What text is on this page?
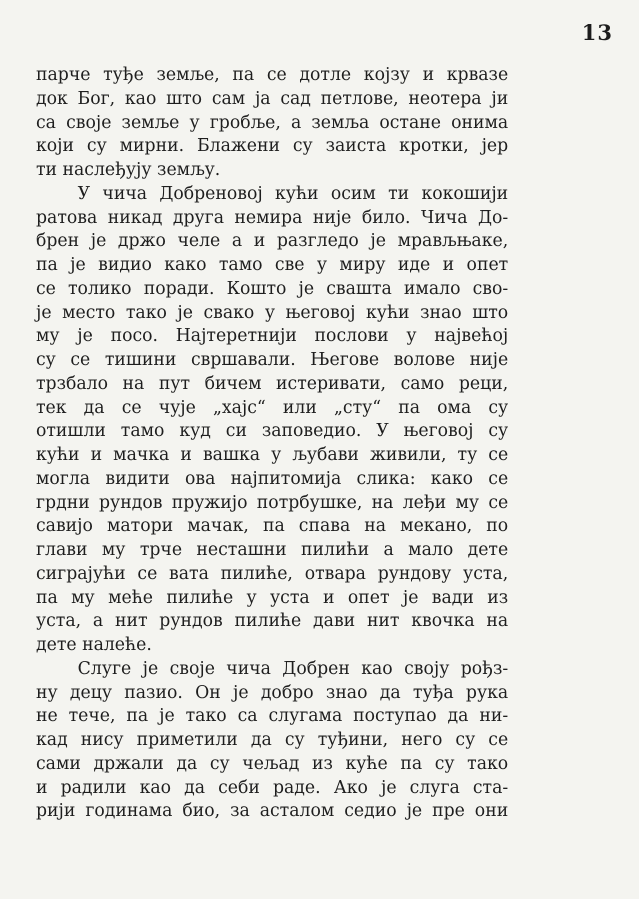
13
парче туђе земље, па се дотле којзу и крвазе
док Бог, као што сам ја сад петлове, неотера ји
са своје земље у гробље, а земља остане онима
који су мирни. Блажени су заиста кротки, јер
ти наслеђују земљу.
У чича Добреновој кући осим ти кокошији
ратова никад друга немира није било. Чича До-
брен је држо челе а и разгледо је мрављњаке,
па је видио како тамо све у миру иде и опет
се толико поради. Кошто је свашта имало сво-
је место тако је свако у његовој кући знао што
му је посо. Најтеретнији послови у највећој
су се тишини свршавали. Његове волове није
трзбало на пут бичем истеривати, само реци,
тек да се чује „хајс“ или „сту“ па ома су
отишли тамо куд си заповедио. У његовој су
кући и мачка и вашка у љубави живили, ту се
могла видити ова најпитомија слика: како се
грдни рундов пружијо потрбушке, на леђи му се
савијо матори мачак, па спава на мекано, по
глави му трче несташни пилићи а мало дете
сиграјући се вата пилиће, отвара рундову уста,
па му меће пилиће у уста и опет је вади из
уста, а нит рундов пилиће дави нит квочка на
дете налеће.
Слуге је своје чича Добрен као своју рођз-
ну децу пазио. Он је добро знао да туђа рука
не тече, па је тако са слугама поступао да ни-
кад нису приметили да су туђини, него су се
сами држали да су чељад из куће па су тако
и радили као да себи раде. Ако је слуга ста-
рији годинама био, за асталом седио је пре они
